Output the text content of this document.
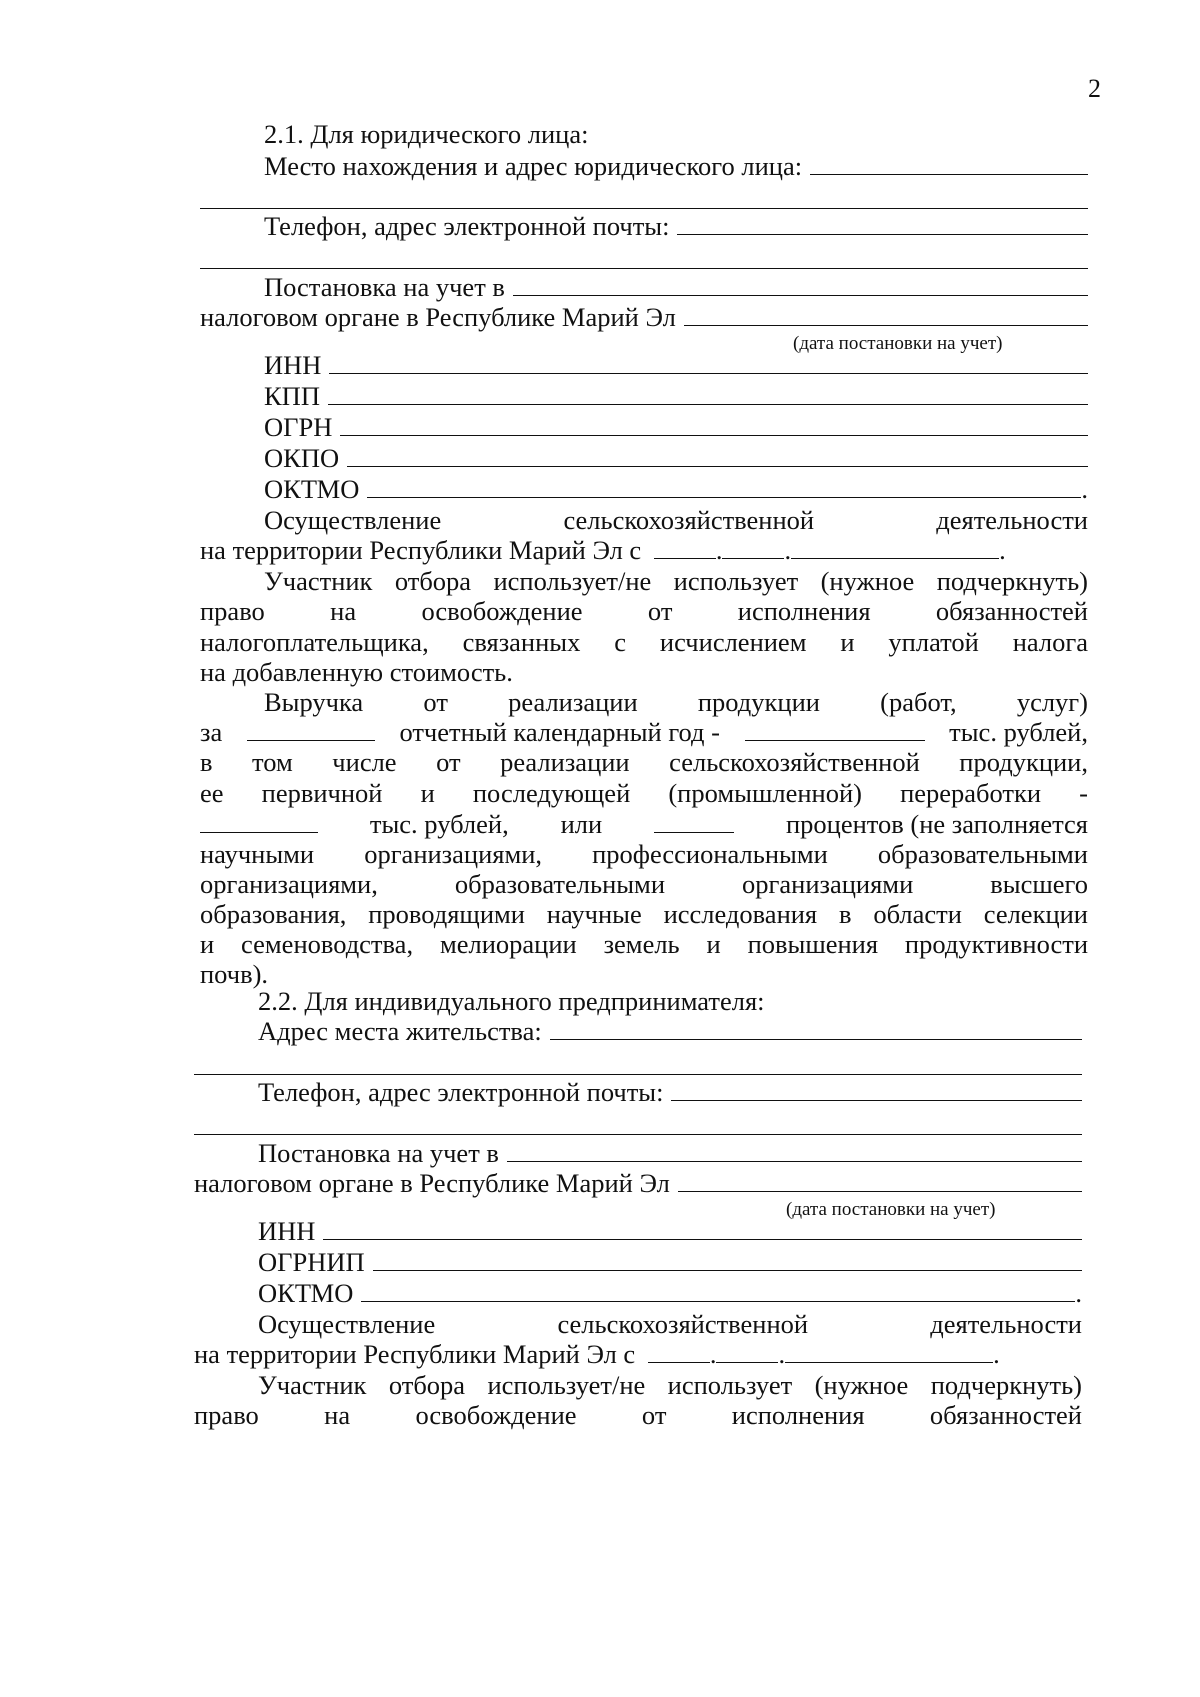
2
2.1. Для юридического лица:
Место нахождения и адрес юридического лица:
Телефон, адрес электронной почты:
Постановка на учет в
налоговом органе в Республике Марий Эл
(дата постановки на учет)
ИНН
КПП
ОГРН
ОКПО
ОКТМО	.
Осуществление	сельскохозяйственной	деятельности
на территории Республики Марий Эл с	. .	.
Участник отбора использует/не использует (нужное подчеркнуть)
право на освобождение от исполнения обязанностей
налогоплательщика, связанных с исчислением и уплатой налога
на добавленную стоимость.
Выручка от реализации продукции (работ, услуг)
за	отчетный календарный год -	тыс. рублей,
в том числе от реализации сельскохозяйственной продукции,
ее первичной и последующей (промышленной) переработки -
тыс. рублей, или	процентов (не заполняется
научными организациями, профессиональными образовательными
организациями, образовательными организациями высшего
образования, проводящими научные исследования в области селекции
и семеноводства, мелиорации земель и повышения продуктивности
почв).
2.2. Для индивидуального предпринимателя:
Адрес места жительства:
Телефон, адрес электронной почты:
Постановка на учет в
налоговом органе в Республике Марий Эл
(дата постановки на учет)
ИНН
ОГРНИП
ОКТМО	.
Осуществление	сельскохозяйственной	деятельности
на территории Республики Марий Эл с	. .	.
Участник отбора использует/не использует (нужное подчеркнуть)
право на освобождение от исполнения обязанностей
